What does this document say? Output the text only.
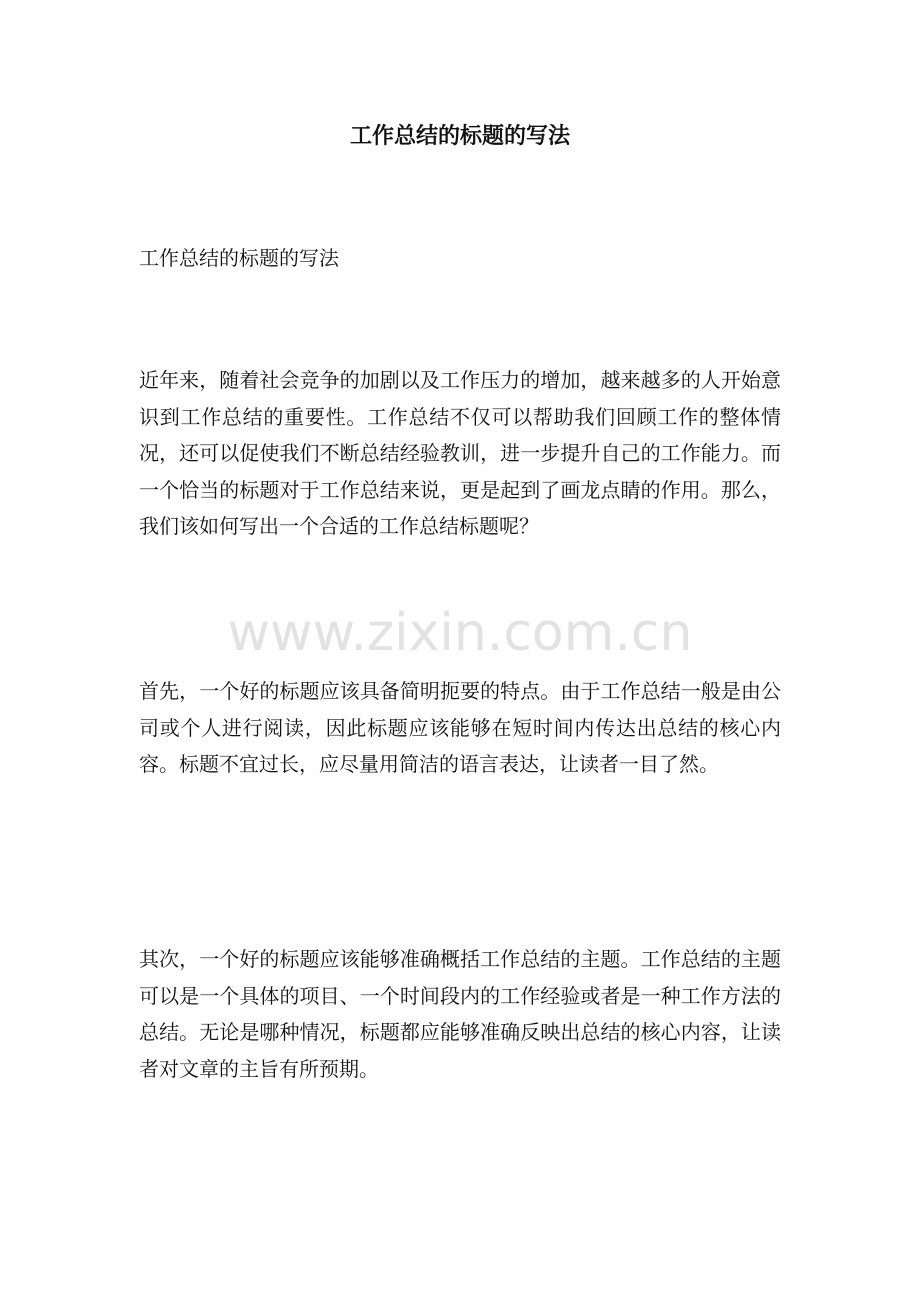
工作总结的标题的写法

工作总结的标题的写法

近年来，随着社会竞争的加剧以及工作压力的增加，越来越多的人开始意识到工作总结的重要性。工作总结不仅可以帮助我们回顾工作的整体情况，还可以促使我们不断总结经验教训，进一步提升自己的工作能力。而一个恰当的标题对于工作总结来说，更是起到了画龙点睛的作用。那么，我们该如何写出一个合适的工作总结标题呢？

www.zixin.com.cn

首先，一个好的标题应该具备简明扼要的特点。由于工作总结一般是由公司或个人进行阅读，因此标题应该能够在短时间内传达出总结的核心内容。标题不宜过长，应尽量用简洁的语言表达，让读者一目了然。

其次，一个好的标题应该能够准确概括工作总结的主题。工作总结的主题可以是一个具体的项目、一个时间段内的工作经验或者是一种工作方法的总结。无论是哪种情况，标题都应能够准确反映出总结的核心内容，让读者对文章的主旨有所预期。
